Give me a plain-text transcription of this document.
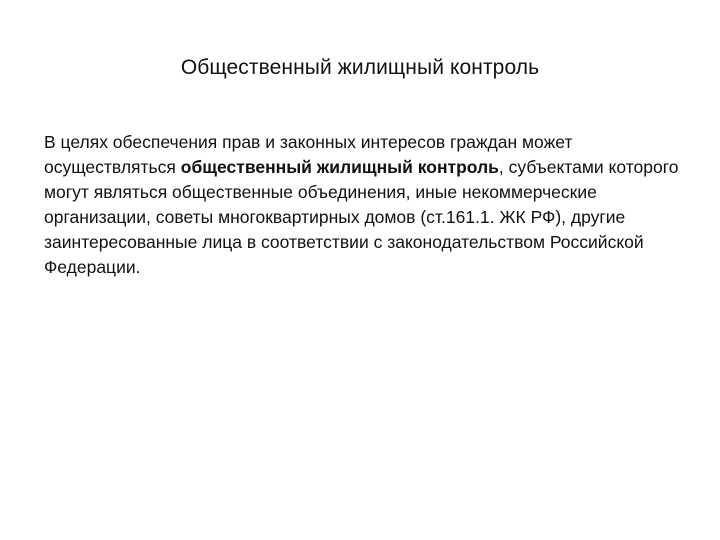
Общественный жилищный контроль
В целях обеспечения прав и законных интересов граждан может осуществляться общественный жилищный контроль, субъектами которого могут являться общественные объединения, иные некоммерческие организации, советы многоквартирных домов (ст.161.1. ЖК РФ), другие заинтересованные лица в соответствии с законодательством Российской Федерации.
